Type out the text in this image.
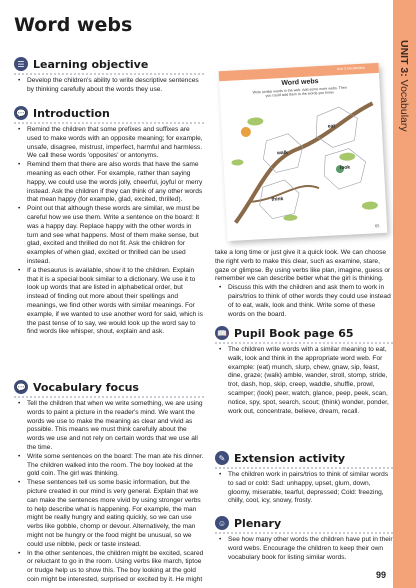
UNIT 3: Vocabulary
Word webs
☰ Learning objective
• Develop the children's ability to write descriptive sentences by thinking carefully about the words they use.
💬 Introduction
• Remind the children that some prefixes and suffixes are used to make words with an opposite meaning; for example, unsafe, disagree, mistrust, imperfect, harmful and harmless. We call these words 'opposites' or antonyms.
• Remind them that there are also words that have the same meaning as each other. For example, rather than saying happy, we could use the words jolly, cheerful, joyful or merry instead. Ask the children if they can think of any other words that mean happy (for example, glad, excited, thrilled).
• Point out that although these words are similar, we must be careful how we use them. Write a sentence on the board: It was a happy day. Replace happy with the other words in turn and see what happens. Most of them make sense, but glad, excited and thrilled do not fit. Ask the children for examples of when glad, excited or thrilled can be used instead.
• If a thesaurus is available, show it to the children. Explain that it is a special book similar to a dictionary. We use it to look up words that are listed in alphabetical order, but instead of finding out more about their spellings and meanings, we find other words with similar meanings. For example, if we wanted to use another word for said, which is the past tense of to say, we would look up the word say to find words like whisper, shout, explain and ask.
💬 Vocabulary focus
• Tell the children that when we write something, we are using words to paint a picture in the reader's mind. We want the words we use to make the meaning as clear and vivid as possible. This means we must think carefully about the words we use and not rely on certain words that we use all the time.
• Write some sentences on the board: The man ate his dinner. The children walked into the room. The boy looked at the gold coin. The girl was thinking.
• These sentences tell us some basic information, but the picture created in our mind is very general. Explain that we can make the sentences more vivid by using stronger verbs to help describe what is happening. For example, the man might be really hungry and eating quickly, so we can use verbs like gobble, chomp or devour. Alternatively, the man might not be hungry or the food might be unusual, so we could use nibble, peck or taste instead.
• In the other sentences, the children might be excited, scared or reluctant to go in the room. Using verbs like march, tiptoe or trudge help us to show this. The boy looking at the gold coin might be interested, surprised or excited by it. He might
Unit 3 Vocabulary
Word webs
Write similar words in the web. Add some more webs. Then you could add them to the words you know.
eat
walk
look
think
65

take a long time or just give it a quick look. We can choose the right verb to make this clear, such as examine, stare, gaze or glimpse. By using verbs like plan, imagine, guess or remember we can describe better what the girl is thinking.

• Discuss this with the children and ask them to work in pairs/trios to think of other words they could use instead of to eat, walk, look and think. Write some of these words on the board.
📖 Pupil Book page 65
• The children write words with a similar meaning to eat, walk, look and think in the appropriate word web. For example: (eat) munch, slurp, chew, gnaw, sip, feast, dine, graze; (walk) amble, wander, stroll, stomp, stride, trot, dash, hop, skip, creep, waddle, shuffle, prowl, scamper; (look) peer, watch, glance, peep, peek, scan, notice, spy, spot, search, scout; (think) wonder, ponder, work out, concentrate, believe, dream, recall.
✎ Extension activity
• The children work in pairs/trios to think of similar words to sad or cold: Sad: unhappy, upset, glum, down, gloomy, miserable, tearful, depressed; Cold: freezing, chilly, cool, icy, snowy, frosty.
☺ Plenary
• See how many other words the children have put in their word webs. Encourage the children to keep their own vocabulary book for listing similar words.
99
